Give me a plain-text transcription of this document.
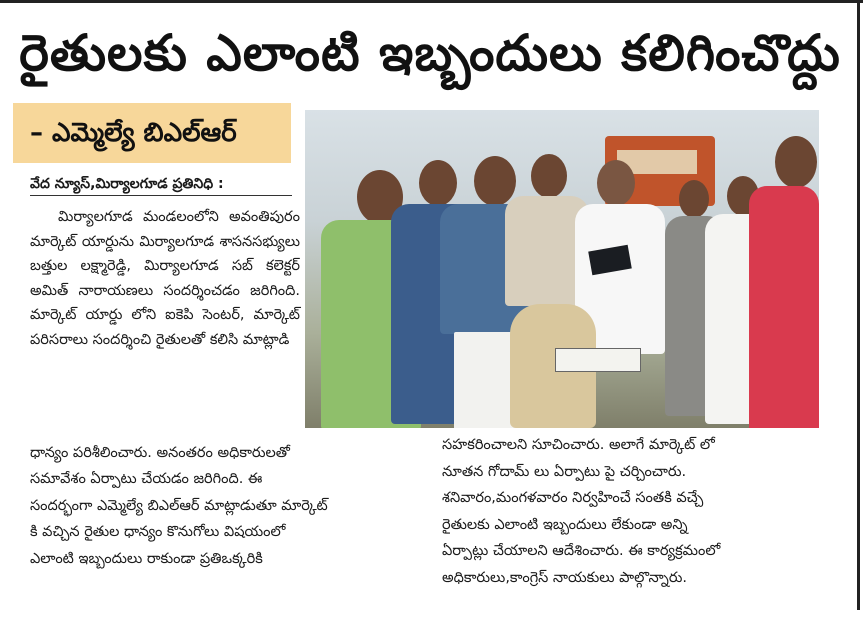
రైతులకు ఎలాంటి ఇబ్బందులు కలిగించొద్దు
– ఎమ్మెల్యే బిఎల్ఆర్
వేద న్యూస్,మిర్యాలగూడ ప్రతినిధి :

మిర్యాలగూడ మండలంలోని అవంతిపురం మార్కెట్ యార్డును మిర్యాలగూడ శాసనసభ్యులు బత్తుల లక్ష్మారెడ్డి, మిర్యాలగూడ సబ్ కలెక్టర్ అమిత్ నారాయణలు సందర్శించడం జరిగింది. మార్కెట్ యార్డు లోని ఐకెపి సెంటర్, మార్కెట్ పరిసరాలు సందర్శించి రైతులతో కలిసి మాట్లాడి

ధాన్యం పరిశీలించారు. అనంతరం అధికారులతో

సమావేశం ఏర్పాటు చేయడం జరిగింది. ఈ

సందర్భంగా ఎమ్మెల్యే బిఎల్ఆర్ మాట్లాడుతూ మార్కెట్

కి వచ్చిన రైతుల ధాన్యం కొనుగోలు విషయంలో

ఎలాంటి ఇబ్బందులు రాకుండా ప్రతిఒక్కరికి

సహకరించాలని సూచించారు. అలాగే మార్కెట్ లో

నూతన గోదామ్ లు ఏర్పాటు పై చర్చించారు.

శనివారం,మంగళవారం నిర్వహించే సంతకి వచ్చే

రైతులకు ఎలాంటి ఇబ్బందులు లేకుండా అన్ని

ఏర్పాట్లు చేయాలని ఆదేశించారు. ఈ కార్యక్రమంలో

అధికారులు,కాంగ్రెస్ నాయకులు పాల్గొన్నారు.
